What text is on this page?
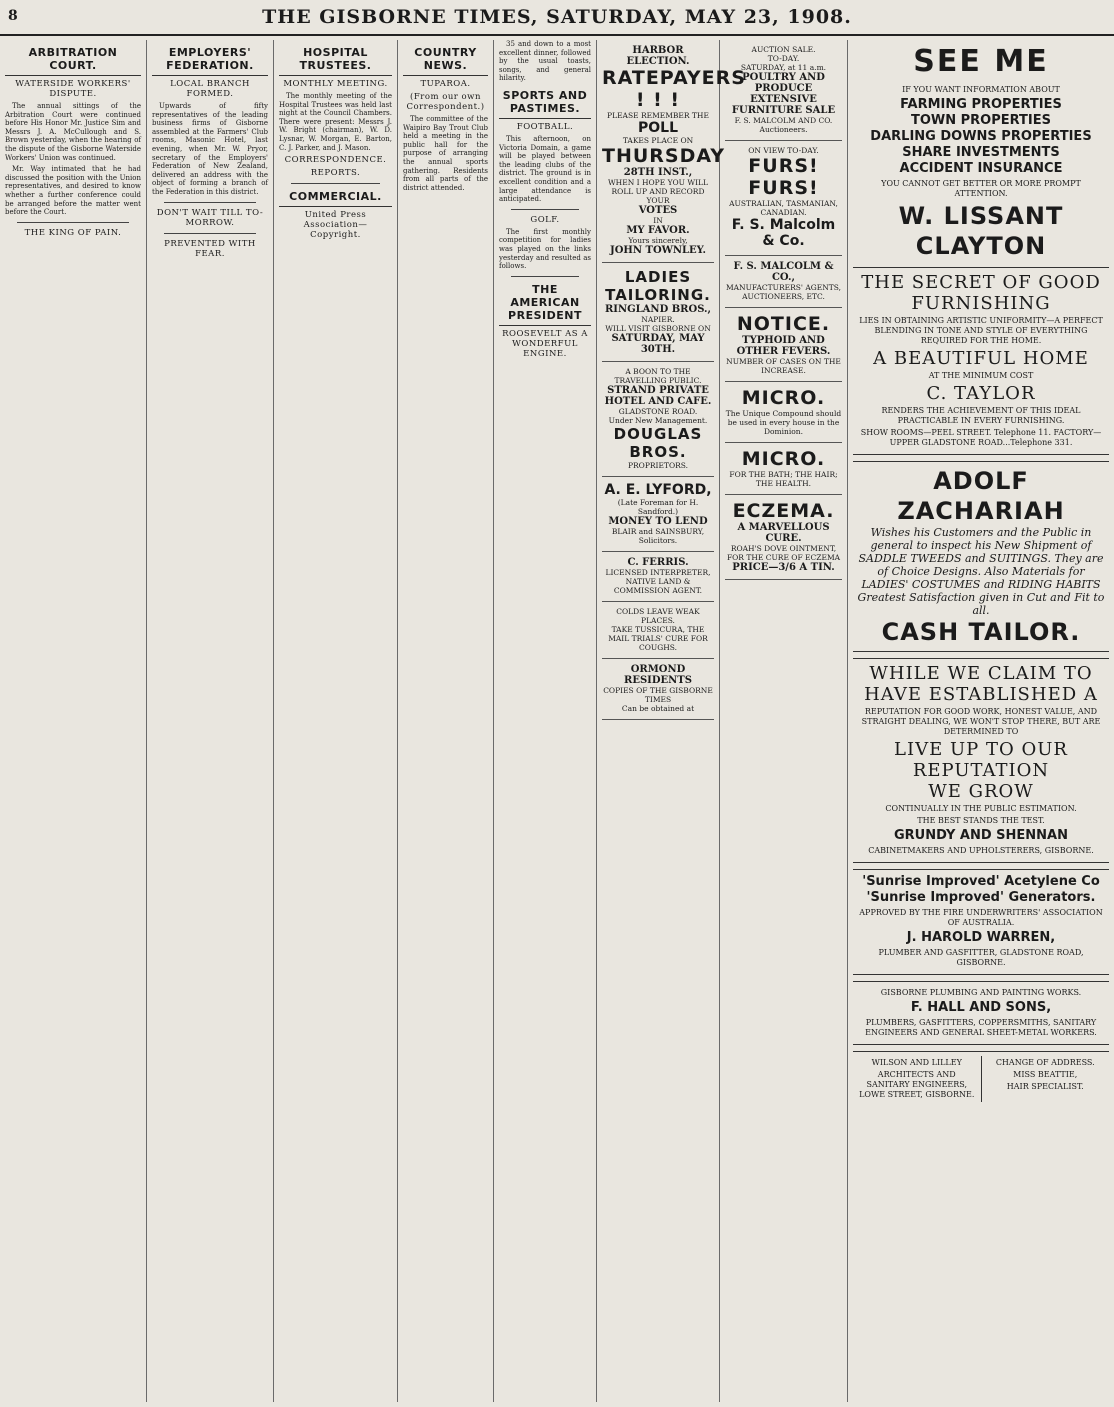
8	THE GISBORNE TIMES, SATURDAY, MAY 23, 1908.
ARBITRATION COURT.
WATERSIDE WORKERS' DISPUTE.

The annual sittings of the Arbitration Court were continued before His Honor Mr. Justice Sim and Messrs J. A. McCullough and S. Brown yesterday, when the hearing of the dispute of the Gisborne Waterside Workers' Union was continued.

Mr. Way intimated that he had discussed the position with the Union representatives, and desired to know whether a further conference could be arranged before the matter went before the Court.

THE KING OF PAIN.
EMPLOYERS' FEDERATION.
LOCAL BRANCH FORMED.

Upwards of fifty representatives of the leading business firms of Gisborne assembled at the Farmers' Club rooms, Masonic Hotel, last evening, when Mr. W. Pryor, secretary of the Employers' Federation of New Zealand, delivered an address with the object of forming a branch of the Federation in this district.

DON'T WAIT TILL TO-MORROW.
PREVENTED WITH FEAR.
HOSPITAL TRUSTEES.
MONTHLY MEETING.

The monthly meeting of the Hospital Trustees was held last night at the Council Chambers. There were present: Messrs J. W. Bright (chairman), W. D. Lysnar, W. Morgan, E. Barton, C. J. Parker, and J. Mason.

CORRESPONDENCE.
REPORTS.
COMMERCIAL.
United Press Association—Copyright.
COUNTRY NEWS.
TUPAROA.
(From our own Correspondent.)

The committee of the Waipiro Bay Trout Club held a meeting in the public hall for the purpose of arranging the annual sports gathering. Residents from all parts of the district attended.

35 and down to a most excellent dinner, followed by the usual toasts, songs, and general hilarity.

SPORTS AND PASTIMES.
FOOTBALL.

This afternoon, on Victoria Domain, a game will be played between the leading clubs of the district. The ground is in excellent condition and a large attendance is anticipated.

GOLF.

The first monthly competition for ladies was played on the links yesterday and resulted as follows.

THE AMERICAN PRESIDENT
ROOSEVELT AS A WONDERFUL ENGINE.
HARBOR ELECTION.
RATEPAYERS ! ! !
PLEASE REMEMBER THE
POLL
TAKES PLACE ON
THURSDAY
28TH INST.,
WHEN I HOPE YOU WILL ROLL UP AND RECORD YOUR
VOTES
IN
MY FAVOR.
Yours sincerely,
JOHN TOWNLEY.
LADIES TAILORING.
RINGLAND BROS.,
NAPIER.
WILL VISIT GISBORNE ON
SATURDAY, MAY 30TH.
A BOON TO THE TRAVELLING PUBLIC.
STRAND PRIVATE HOTEL AND CAFE.
GLADSTONE ROAD.
Under New Management.
DOUGLAS BROS.
PROPRIETORS.
A. E. LYFORD,
(Late Foreman for H. Sandford.)
MONEY TO LEND
BLAIR and SAINSBURY, Solicitors.
C. FERRIS.
LICENSED INTERPRETER, NATIVE LAND & COMMISSION AGENT.
COLDS LEAVE WEAK PLACES.
TAKE TUSSICURA, THE MAIL TRIALS' CURE FOR COUGHS.
ORMOND RESIDENTS
COPIES OF THE GISBORNE TIMES
Can be obtained at
AUCTION SALE.
TO-DAY.
SATURDAY, at 11 a.m.
POULTRY AND PRODUCE
EXTENSIVE FURNITURE SALE
F. S. MALCOLM AND CO. Auctioneers.
ON VIEW TO-DAY.
FURS! FURS!
AUSTRALIAN, TASMANIAN, CANADIAN.
F. S. Malcolm & Co.
F. S. MALCOLM & CO.,
MANUFACTURERS' AGENTS, AUCTIONEERS, ETC.
NOTICE.
TYPHOID AND OTHER FEVERS.
NUMBER OF CASES ON THE INCREASE.
MICRO.
The Unique Compound should be used in every house in the Dominion.
MICRO.
FOR THE BATH; THE HAIR; THE HEALTH.
ECZEMA.
A MARVELLOUS CURE.
ROAH'S DOVE OINTMENT, FOR THE CURE OF ECZEMA
PRICE—3/6 A TIN.
SEE ME
IF YOU WANT INFORMATION ABOUT
FARMING PROPERTIES
TOWN PROPERTIES
DARLING DOWNS PROPERTIES
SHARE INVESTMENTS
ACCIDENT INSURANCE
YOU CANNOT GET BETTER OR MORE PROMPT ATTENTION.
W. LISSANT CLAYTON
THE SECRET OF GOOD FURNISHING
LIES IN OBTAINING ARTISTIC UNIFORMITY—A PERFECT BLENDING IN TONE AND STYLE OF EVERYTHING REQUIRED FOR THE HOME.
A BEAUTIFUL HOME
AT THE MINIMUM COST
C. TAYLOR
RENDERS THE ACHIEVEMENT OF THIS IDEAL PRACTICABLE IN EVERY FURNISHING.
SHOW ROOMS—PEEL STREET. Telephone 11. FACTORY—UPPER GLADSTONE ROAD...Telephone 331.
ADOLF ZACHARIAH
Wishes his Customers and the Public in general to inspect his New Shipment of SADDLE TWEEDS and SUITINGS. They are of Choice Designs. Also Materials for LADIES' COSTUMES and RIDING HABITS Greatest Satisfaction given in Cut and Fit to all.
CASH TAILOR.
WHILE WE CLAIM TO HAVE ESTABLISHED A
REPUTATION FOR GOOD WORK, HONEST VALUE, AND STRAIGHT DEALING, WE WON'T STOP THERE, BUT ARE DETERMINED TO
LIVE UP TO OUR REPUTATION
WE GROW
CONTINUALLY IN THE PUBLIC ESTIMATION.
THE BEST STANDS THE TEST.
GRUNDY AND SHENNAN
CABINETMAKERS AND UPHOLSTERERS, GISBORNE.
'Sunrise Improved' Acetylene Co
'Sunrise Improved' Generators.
APPROVED BY THE FIRE UNDERWRITERS' ASSOCIATION OF AUSTRALIA.
J. HAROLD WARREN,
PLUMBER AND GASFITTER, GLADSTONE ROAD, GISBORNE.
GISBORNE PLUMBING AND PAINTING WORKS.
F. HALL AND SONS,
PLUMBERS, GASFITTERS, COPPERSMITHS, SANITARY ENGINEERS AND GENERAL SHEET-METAL WORKERS.
WILSON AND LILLEY
ARCHITECTS AND SANITARY ENGINEERS, LOWE STREET, GISBORNE.
CHANGE OF ADDRESS.
MISS BEATTIE,
HAIR SPECIALIST.
